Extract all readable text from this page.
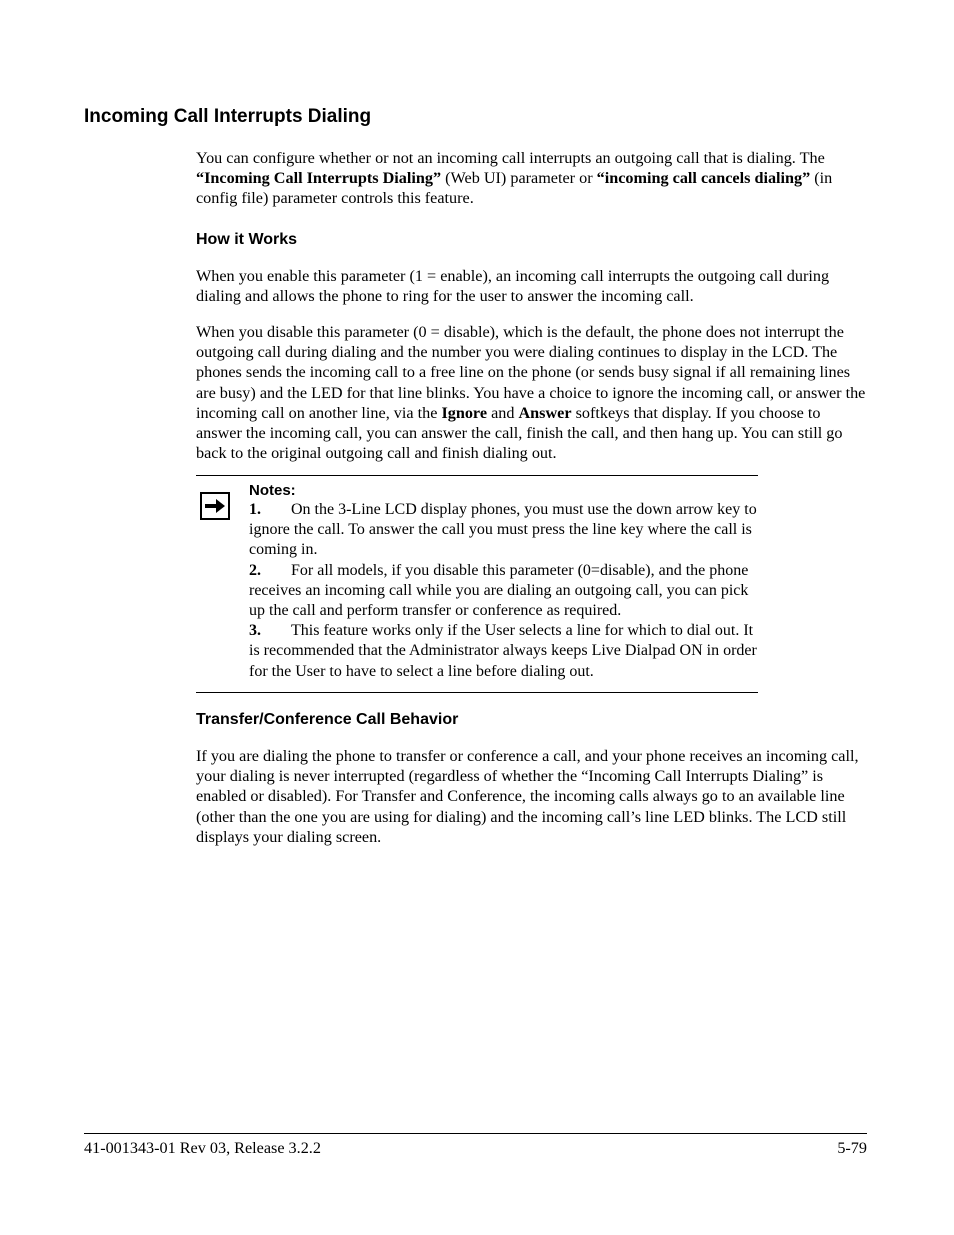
Incoming Call Interrupts Dialing
You can configure whether or not an incoming call interrupts an outgoing call that is dialing. The “Incoming Call Interrupts Dialing” (Web UI) parameter or “incoming call cancels dialing” (in config file) parameter controls this feature.
How it Works
When you enable this parameter (1 = enable), an incoming call interrupts the outgoing call during dialing and allows the phone to ring for the user to answer the incoming call.
When you disable this parameter (0 = disable), which is the default, the phone does not interrupt the outgoing call during dialing and the number you were dialing continues to display in the LCD. The phones sends the incoming call to a free line on the phone (or sends busy signal if all remaining lines are busy) and the LED for that line blinks. You have a choice to ignore the incoming call, or answer the incoming call on another line, via the Ignore and Answer softkeys that display. If you choose to answer the incoming call, you can answer the call, finish the call, and then hang up. You can still go back to the original outgoing call and finish dialing out.
Notes:
1. On the 3-Line LCD display phones, you must use the down arrow key to ignore the call. To answer the call you must press the line key where the call is coming in.
2. For all models, if you disable this parameter (0=disable), and the phone receives an incoming call while you are dialing an outgoing call, you can pick up the call and perform transfer or conference as required.
3. This feature works only if the User selects a line for which to dial out. It is recommended that the Administrator always keeps Live Dialpad ON in order for the User to have to select a line before dialing out.
Transfer/Conference Call Behavior
If you are dialing the phone to transfer or conference a call, and your phone receives an incoming call, your dialing is never interrupted (regardless of whether the “Incoming Call Interrupts Dialing” is enabled or disabled). For Transfer and Conference, the incoming calls always go to an available line (other than the one you are using for dialing) and the incoming call’s line LED blinks. The LCD still displays your dialing screen.
41-001343-01 Rev 03, Release 3.2.2	5-79
